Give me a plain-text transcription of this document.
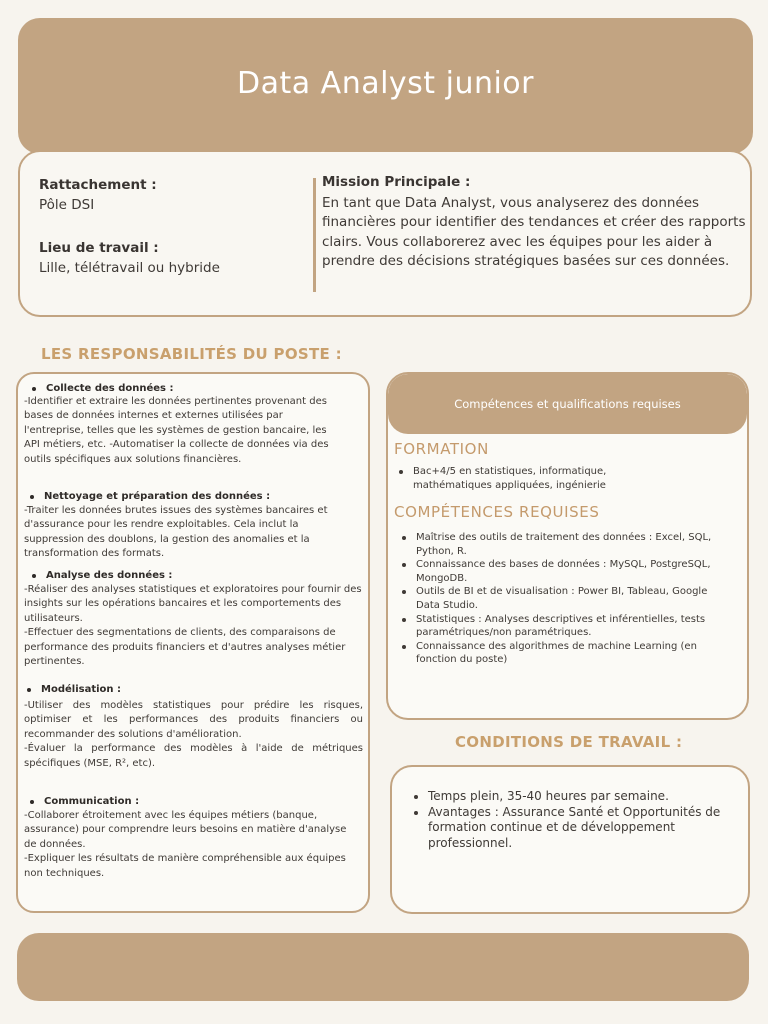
Data Analyst junior
Rattachement :
Pôle DSI
Lieu de travail :
Lille, télétravail ou hybride
Mission Principale :
En tant que Data Analyst, vous analyserez des données financières pour identifier des tendances et créer des rapports clairs. Vous collaborerez avec les équipes pour les aider à prendre des décisions stratégiques basées sur ces données.
LES RESPONSABILITÉS DU POSTE :
Collecte des données :
-Identifier et extraire les données pertinentes provenant des bases de données internes et externes utilisées par l'entreprise, telles que les systèmes de gestion bancaire, les API métiers, etc. -Automatiser la collecte de données via des outils spécifiques aux solutions financières.
Nettoyage et préparation des données :
-Traiter les données brutes issues des systèmes bancaires et d'assurance pour les rendre exploitables. Cela inclut la suppression des doublons, la gestion des anomalies et la transformation des formats.
Analyse des données :
-Réaliser des analyses statistiques et exploratoires pour fournir des insights sur les opérations bancaires et les comportements des utilisateurs.
-Effectuer des segmentations de clients, des comparaisons de performance des produits financiers et d'autres analyses métier pertinentes.
Modélisation :
-Utiliser des modèles statistiques pour prédire les risques, optimiser et les performances des produits financiers ou recommander des solutions d'amélioration.
-Évaluer la performance des modèles à l'aide de métriques spécifiques (MSE, R², etc).
Communication :
-Collaborer étroitement avec les équipes métiers (banque, assurance) pour comprendre leurs besoins en matière d'analyse de données.
-Expliquer les résultats de manière compréhensible aux équipes non techniques.
Compétences et qualifications requises
FORMATION
Bac+4/5 en statistiques, informatique, mathématiques appliquées, ingénierie
COMPÉTENCES REQUISES
Maîtrise des outils de traitement des données : Excel, SQL, Python, R.
Connaissance des bases de données : MySQL, PostgreSQL, MongoDB.
Outils de BI et de visualisation : Power BI, Tableau, Google Data Studio.
Statistiques : Analyses descriptives et inférentielles, tests paramétriques/non paramétriques.
Connaissance des algorithmes de machine Learning (en fonction du poste)
CONDITIONS DE TRAVAIL :
Temps plein, 35-40 heures par semaine.
Avantages : Assurance Santé et Opportunités de formation continue et de développement professionnel.
